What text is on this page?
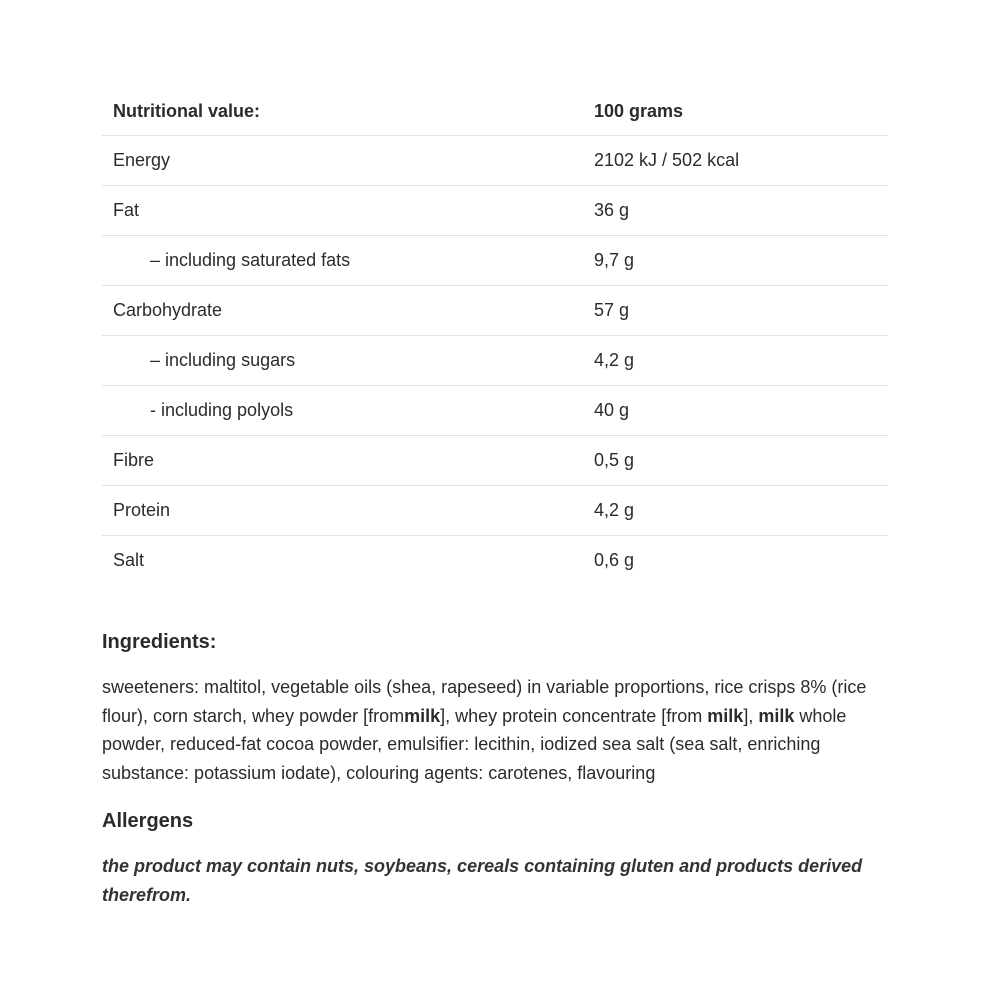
Nutritional value:	100 grams
Energy	2102 kJ / 502 kcal
Fat	36 g
– including saturated fats	9,7 g
Carbohydrate	57 g
– including sugars	4,2 g
- including polyols	40 g
Fibre	0,5 g
Protein	4,2 g
Salt	0,6 g
Ingredients:

sweeteners: maltitol, vegetable oils (shea, rapeseed) in variable proportions, rice crisps 8% (rice flour), corn starch, whey powder [frommilk], whey protein concentrate [from milk], milk whole powder, reduced-fat cocoa powder, emulsifier: lecithin, iodized sea salt (sea salt, enriching substance: potassium iodate), colouring agents: carotenes, flavouring

Allergens

the product may contain nuts, soybeans, cereals containing gluten and products derived therefrom.
